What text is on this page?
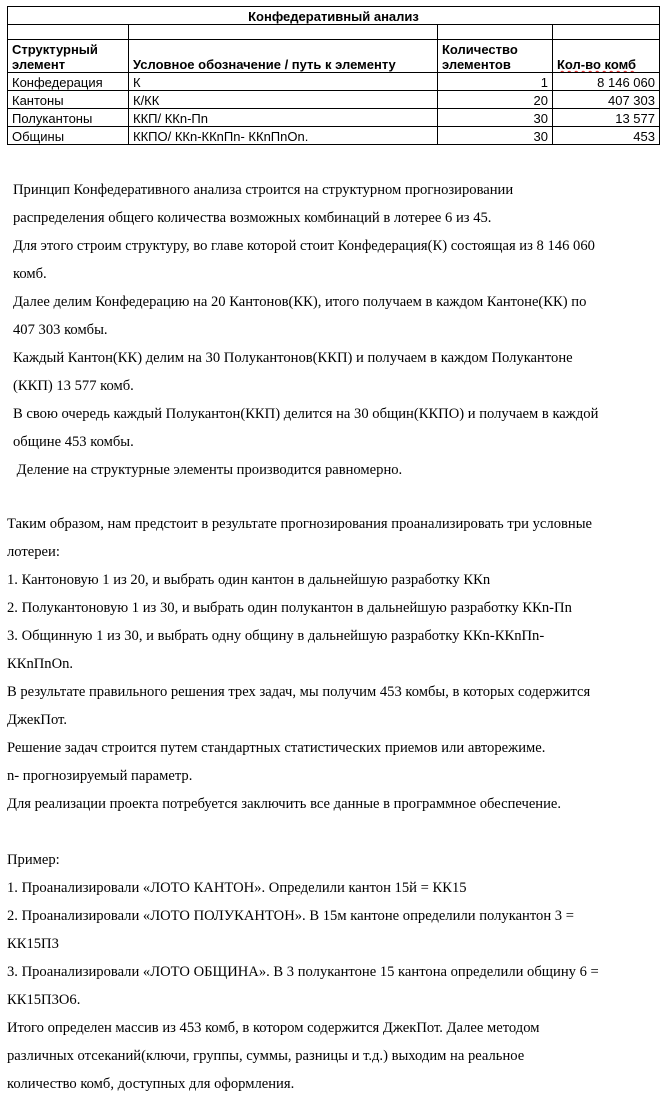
Конфедеративный анализ			

Структурный элемент	Условное обозначение / путь к элементу	Количество элементов	Кол-во комб
Конфедерация	К	1	8 146 060
Кантоны	К/КК	20	407 303
Полукантоны	ККП/ ККn-Пn	30	13 577
Общины	ККПО/ ККn-ККnПn- ККnПnОn.	30	453

Принцип Конфедеративного анализа строится на структурном прогнозировании

распределения общего количества возможных комбинаций в лотерее 6 из 45.

Для этого строим структуру, во главе которой стоит Конфедерация(К) состоящая из 8 146 060

комб.

Далее делим Конфедерацию на 20 Кантонов(КК), итого получаем в каждом Кантоне(КК) по

407 303 комбы.

Каждый Кантон(КК) делим на 30 Полукантонов(ККП) и получаем в каждом Полукантоне

(ККП) 13 577 комб.

В свою очередь каждый Полукантон(ККП) делится на 30 общин(ККПО) и получаем в каждой

общине 453 комбы.

Деление на структурные элементы производится равномерно.

Таким образом, нам предстоит в результате прогнозирования проанализировать три условные

лотереи:

1. Кантоновую 1 из 20, и выбрать один кантон в дальнейшую разработку ККn

2. Полукантоновую 1 из 30, и выбрать один полукантон в дальнейшую разработку ККn-Пn

3. Общинную 1 из 30, и выбрать одну общину в дальнейшую разработку ККn-ККnПn-

ККnПnОn.

В результате правильного решения трех задач, мы получим 453 комбы, в которых содержится

ДжекПот.

Решение задач строится путем стандартных статистических приемов или авторежиме.

n- прогнозируемый параметр.

Для реализации проекта потребуется заключить все данные в программное обеспечение.

Пример:

1. Проанализировали «ЛОТО КАНТОН». Определили кантон 15й = КК15

2. Проанализировали «ЛОТО ПОЛУКАНТОН». В 15м кантоне определили полукантон 3 =

КК15П3

3. Проанализировали «ЛОТО ОБЩИНА». В 3 полукантоне 15 кантона определили общину 6 =

КК15П3О6.

Итого определен массив из 453 комб, в котором содержится ДжекПот. Далее методом

различных отсеканий(ключи, группы, суммы, разницы и т.д.) выходим на реальное

количество комб, доступных для оформления.
